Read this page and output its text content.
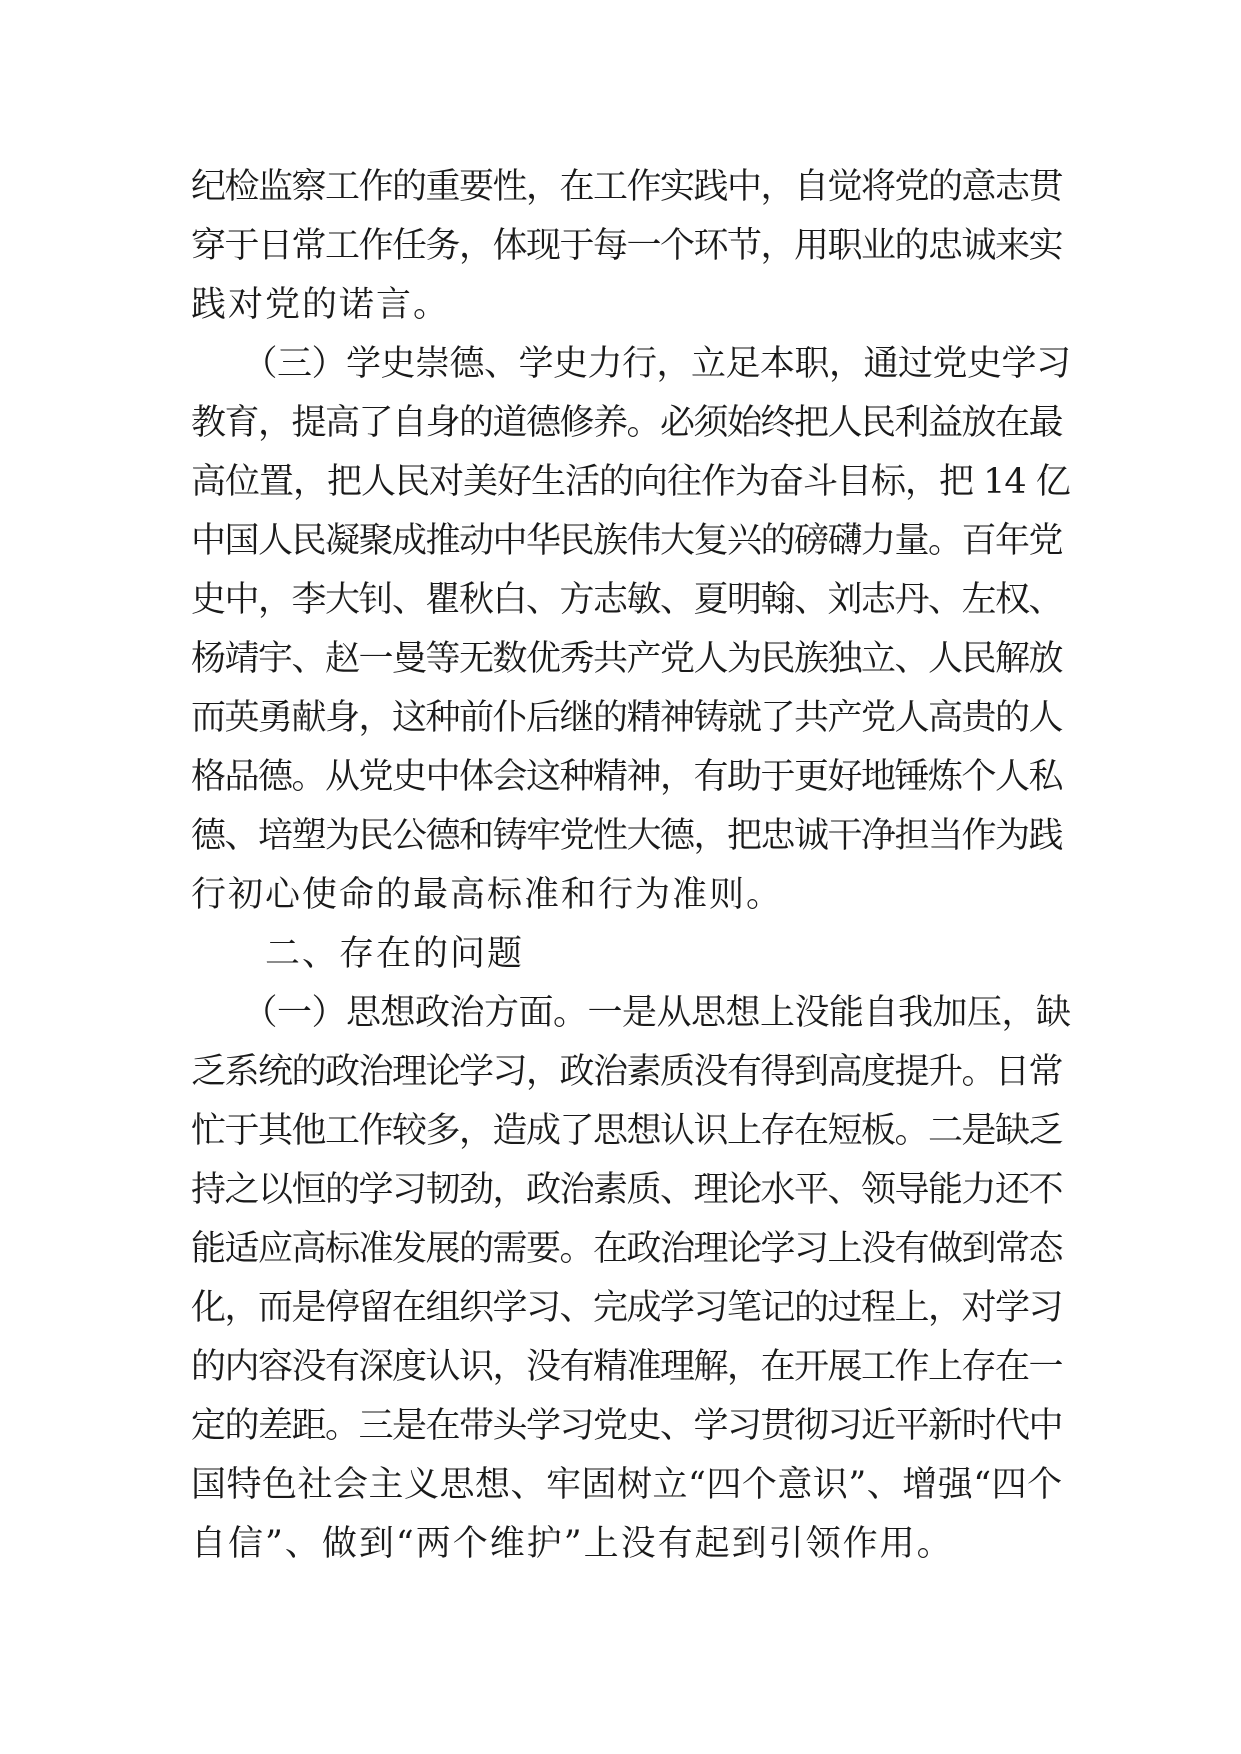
纪检监察工作的重要性，在工作实践中，自觉将党的意志贯
穿于日常工作任务，体现于每一个环节，用职业的忠诚来实
践对党的诺言。
　　（三）学史崇德、学史力行，立足本职，通过党史学习
教育，提高了自身的道德修养。必须始终把人民利益放在最
高位置，把人民对美好生活的向往作为奋斗目标，把 14 亿
中国人民凝聚成推动中华民族伟大复兴的磅礴力量。百年党
史中，李大钊、瞿秋白、方志敏、夏明翰、刘志丹、左权、
杨靖宇、赵一曼等无数优秀共产党人为民族独立、人民解放
而英勇献身，这种前仆后继的精神铸就了共产党人高贵的人
格品德。从党史中体会这种精神，有助于更好地锤炼个人私
德、培塑为民公德和铸牢党性大德，把忠诚干净担当作为践
行初心使命的最高标准和行为准则。
　　二、存在的问题
　　（一）思想政治方面。一是从思想上没能自我加压，缺
乏系统的政治理论学习，政治素质没有得到高度提升。日常
忙于其他工作较多，造成了思想认识上存在短板。二是缺乏
持之以恒的学习韧劲，政治素质、理论水平、领导能力还不
能适应高标准发展的需要。在政治理论学习上没有做到常态
化，而是停留在组织学习、完成学习笔记的过程上，对学习
的内容没有深度认识，没有精准理解，在开展工作上存在一
定的差距。三是在带头学习党史、学习贯彻习近平新时代中
国特色社会主义思想、牢固树立“四个意识”、增强“四个
自信”、做到“两个维护”上没有起到引领作用。
